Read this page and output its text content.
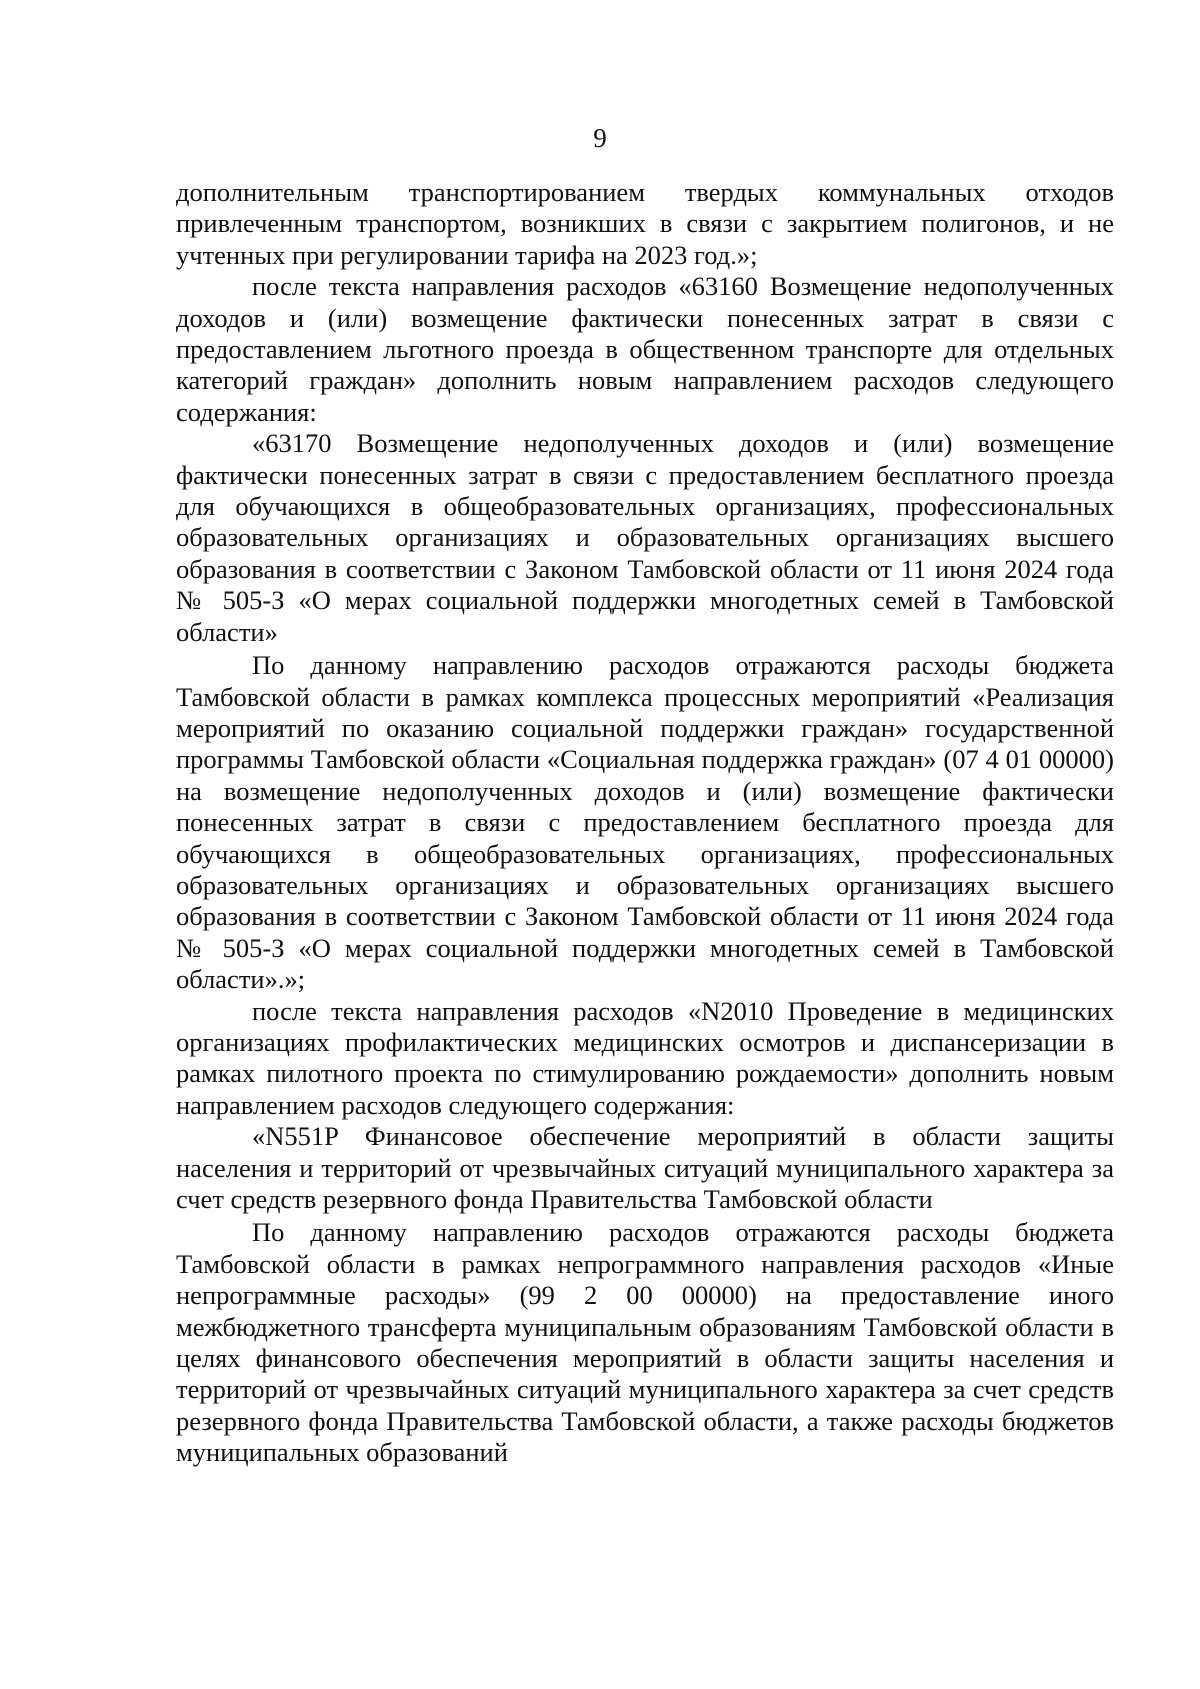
9

дополнительным транспортированием твердых коммунальных отходов привлеченным транспортом, возникших в связи с закрытием полигонов, и не учтенных при регулировании тарифа на 2023 год.»;

после текста направления расходов «63160 Возмещение недополученных доходов и (или) возмещение фактически понесенных затрат в связи с предоставлением льготного проезда в общественном транспорте для отдельных категорий граждан» дополнить новым направлением расходов следующего содержания:

«63170 Возмещение недополученных доходов и (или) возмещение фактически понесенных затрат в связи с предоставлением бесплатного проезда для обучающихся в общеобразовательных организациях, профессиональных образовательных организациях и образовательных организациях высшего образования в соответствии с Законом Тамбовской области от 11 июня 2024 года № 505-З «О мерах социальной поддержки многодетных семей в Тамбовской области»

По данному направлению расходов отражаются расходы бюджета Тамбовской области в рамках комплекса процессных мероприятий «Реализация мероприятий по оказанию социальной поддержки граждан» государственной программы Тамбовской области «Социальная поддержка граждан» (07 4 01 00000) на возмещение недополученных доходов и (или) возмещение фактически понесенных затрат в связи с предоставлением бесплатного проезда для обучающихся в общеобразовательных организациях, профессиональных образовательных организациях и образовательных организациях высшего образования в соответствии с Законом Тамбовской области от 11 июня 2024 года № 505-З «О мерах социальной поддержки многодетных семей в Тамбовской области».»;

после текста направления расходов «N2010 Проведение в медицинских организациях профилактических медицинских осмотров и диспансеризации в рамках пилотного проекта по стимулированию рождаемости» дополнить новым направлением расходов следующего содержания:

«N551P Финансовое обеспечение мероприятий в области защиты населения и территорий от чрезвычайных ситуаций муниципального характера за счет средств резервного фонда Правительства Тамбовской области

По данному направлению расходов отражаются расходы бюджета Тамбовской области в рамках непрограммного направления расходов «Иные непрограммные расходы» (99 2 00 00000) на предоставление иного межбюджетного трансферта муниципальным образованиям Тамбовской области в целях финансового обеспечения мероприятий в области защиты населения и территорий от чрезвычайных ситуаций муниципального характера за счет средств резервного фонда Правительства Тамбовской области, а также расходы бюджетов муниципальных образований
